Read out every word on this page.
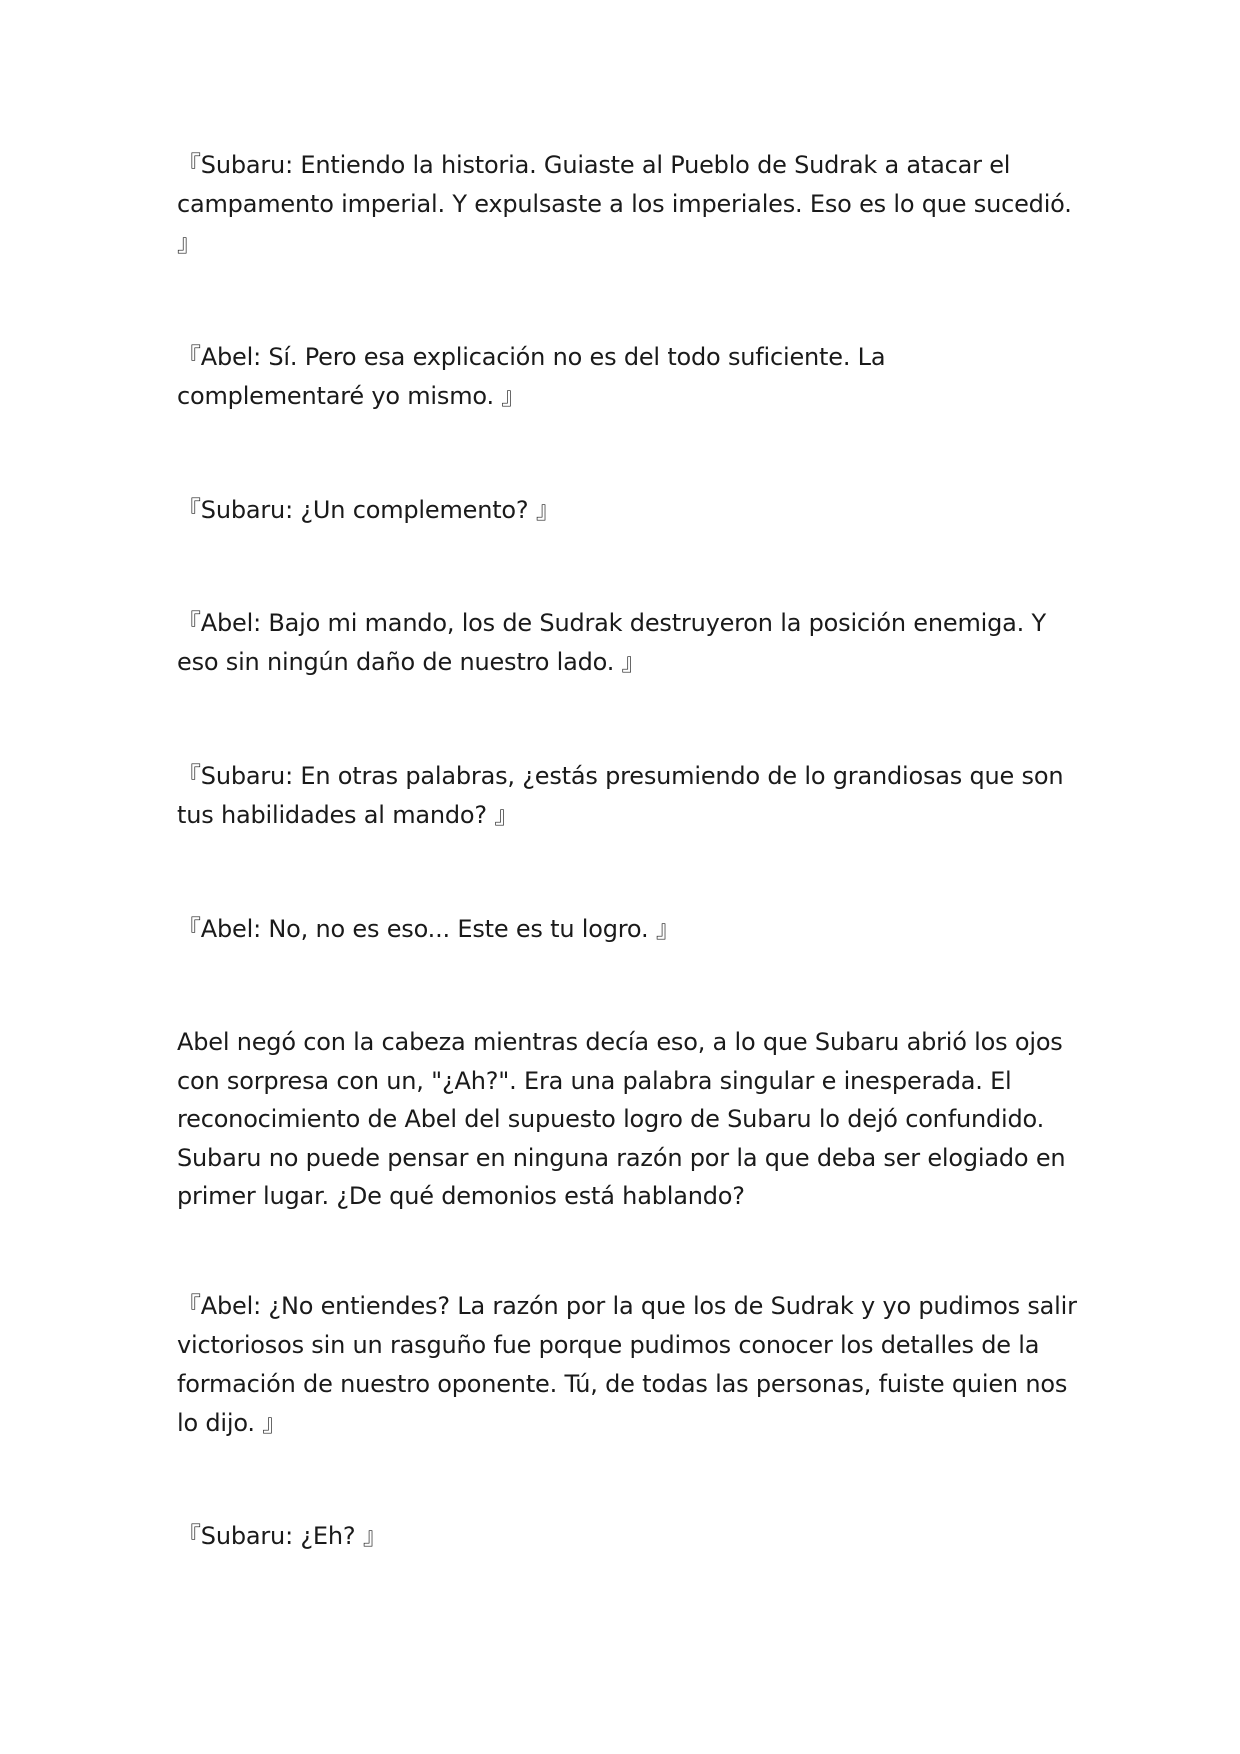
『Subaru: Entiendo la historia. Guiaste al Pueblo de Sudrak a atacar el campamento imperial. Y expulsaste a los imperiales. Eso es lo que sucedió. 』

『Abel: Sí. Pero esa explicación no es del todo suficiente. La complementaré yo mismo. 』

『Subaru: ¿Un complemento? 』

『Abel: Bajo mi mando, los de Sudrak destruyeron la posición enemiga. Y eso sin ningún daño de nuestro lado. 』

『Subaru: En otras palabras, ¿estás presumiendo de lo grandiosas que son tus habilidades al mando? 』

『Abel: No, no es eso... Este es tu logro. 』

Abel negó con la cabeza mientras decía eso, a lo que Subaru abrió los ojos con sorpresa con un, "¿Ah?". Era una palabra singular e inesperada. El reconocimiento de Abel del supuesto logro de Subaru lo dejó confundido. Subaru no puede pensar en ninguna razón por la que deba ser elogiado en primer lugar. ¿De qué demonios está hablando?

『Abel: ¿No entiendes? La razón por la que los de Sudrak y yo pudimos salir victoriosos sin un rasguño fue porque pudimos conocer los detalles de la formación de nuestro oponente. Tú, de todas las personas, fuiste quien nos lo dijo. 』

『Subaru: ¿Eh? 』
